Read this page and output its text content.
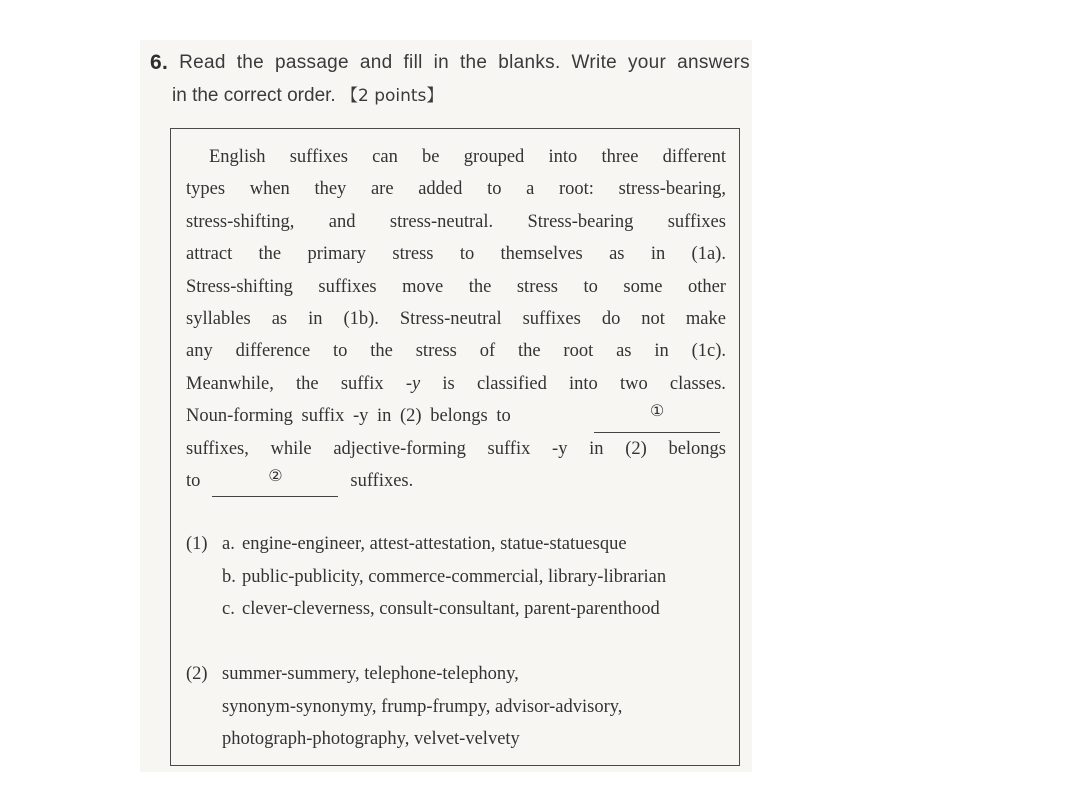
6. Read the passage and fill in the blanks. Write your answers
in the correct order. 【2 points】
English suffixes can be grouped into three different
types when they are added to a root: stress-bearing,
stress-shifting, and stress-neutral. Stress-bearing suffixes
attract the primary stress to themselves as in (1a).
Stress-shifting suffixes move the stress to some other
syllables as in (1b). Stress-neutral suffixes do not make
any difference to the stress of the root as in (1c).
Meanwhile, the suffix -y is classified into two classes.
Noun-forming suffix -y in (2) belongs to	①
suffixes, while adjective-forming suffix -y in (2) belongs
to	②	suffixes.
(1) a. engine-engineer, attest-attestation, statue-statuesque
b. public-publicity, commerce-commercial, library-librarian
c. clever-cleverness, consult-consultant, parent-parenthood
(2) summer-summery, telephone-telephony,
synonym-synonymy, frump-frumpy, advisor-advisory,
photograph-photography, velvet-velvety
